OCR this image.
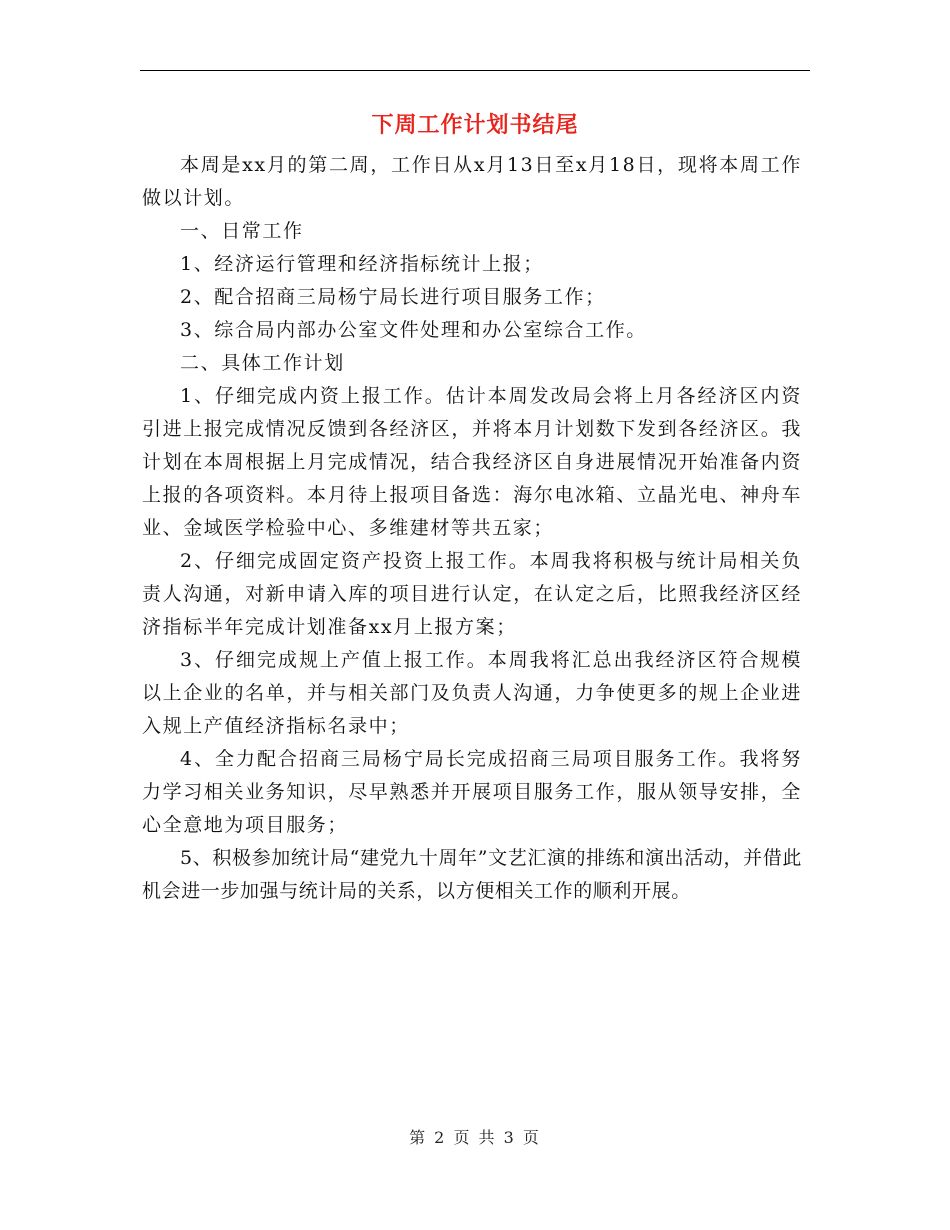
下周工作计划书结尾

本周是xx月的第二周，工作日从x月13日至x月18日，现将本周工作做以计划。

一、日常工作

1、经济运行管理和经济指标统计上报；

2、配合招商三局杨宁局长进行项目服务工作；

3、综合局内部办公室文件处理和办公室综合工作。

二、具体工作计划

1、仔细完成内资上报工作。估计本周发改局会将上月各经济区内资引进上报完成情况反馈到各经济区，并将本月计划数下发到各经济区。我计划在本周根据上月完成情况，结合我经济区自身进展情况开始准备内资上报的各项资料。本月待上报项目备选：海尔电冰箱、立晶光电、神舟车业、金域医学检验中心、多维建材等共五家；

2、仔细完成固定资产投资上报工作。本周我将积极与统计局相关负责人沟通，对新申请入库的项目进行认定，在认定之后，比照我经济区经济指标半年完成计划准备xx月上报方案；

3、仔细完成规上产值上报工作。本周我将汇总出我经济区符合规模以上企业的名单，并与相关部门及负责人沟通，力争使更多的规上企业进入规上产值经济指标名录中；

4、全力配合招商三局杨宁局长完成招商三局项目服务工作。我将努力学习相关业务知识，尽早熟悉并开展项目服务工作，服从领导安排，全心全意地为项目服务；

5、积极参加统计局“建党九十周年”文艺汇演的排练和演出活动，并借此机会进一步加强与统计局的关系，以方便相关工作的顺利开展。

第 2 页 共 3 页
